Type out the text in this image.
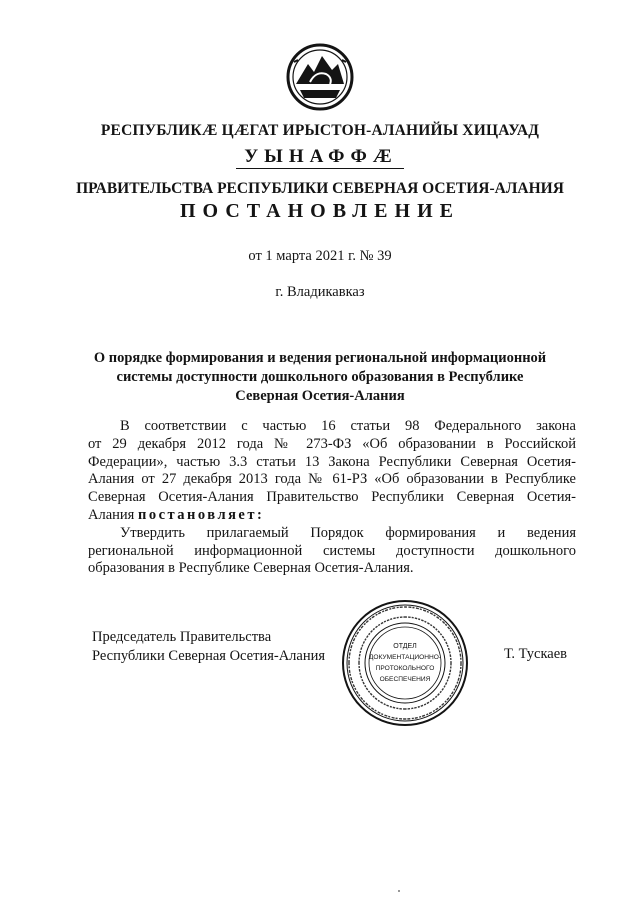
РЕСПУБЛИКӔ ЦӔГАТ ИРЫСТОН-АЛАНИЙЫ ХИЦАУАД
УЫНАФФӔ
ПРАВИТЕЛЬСТВА РЕСПУБЛИКИ СЕВЕРНАЯ ОСЕТИЯ-АЛАНИЯ
ПОСТАНОВЛЕНИЕ
от 1 марта 2021 г. № 39
г. Владикавказ
О порядке формирования и ведения региональной информационной
системы доступности дошкольного образования в Республике
Северная Осетия-Алания
В соответствии с частью 16 статьи 98 Федерального закона
от 29 декабря 2012 года № 273-ФЗ «Об образовании в Российской
Федерации», частью 3.3 статьи 13 Закона Республики Северная Осетия-
Алания от 27 декабря 2013 года № 61-РЗ «Об образовании в Республике
Северная Осетия-Алания Правительство Республики Северная Осетия-
Алания постановляет:
Утвердить прилагаемый Порядок формирования и ведения
региональной информационной системы доступности дошкольного
образования в Республике Северная Осетия-Алания.
Председатель Правительства
Республики Северная Осетия-Алания	Т. Тускаев
ОТДЕЛ
ДОКУМЕНТАЦИОННО-
ПРОТОКОЛЬНОГО
ОБЕСПЕЧЕНИЯ
